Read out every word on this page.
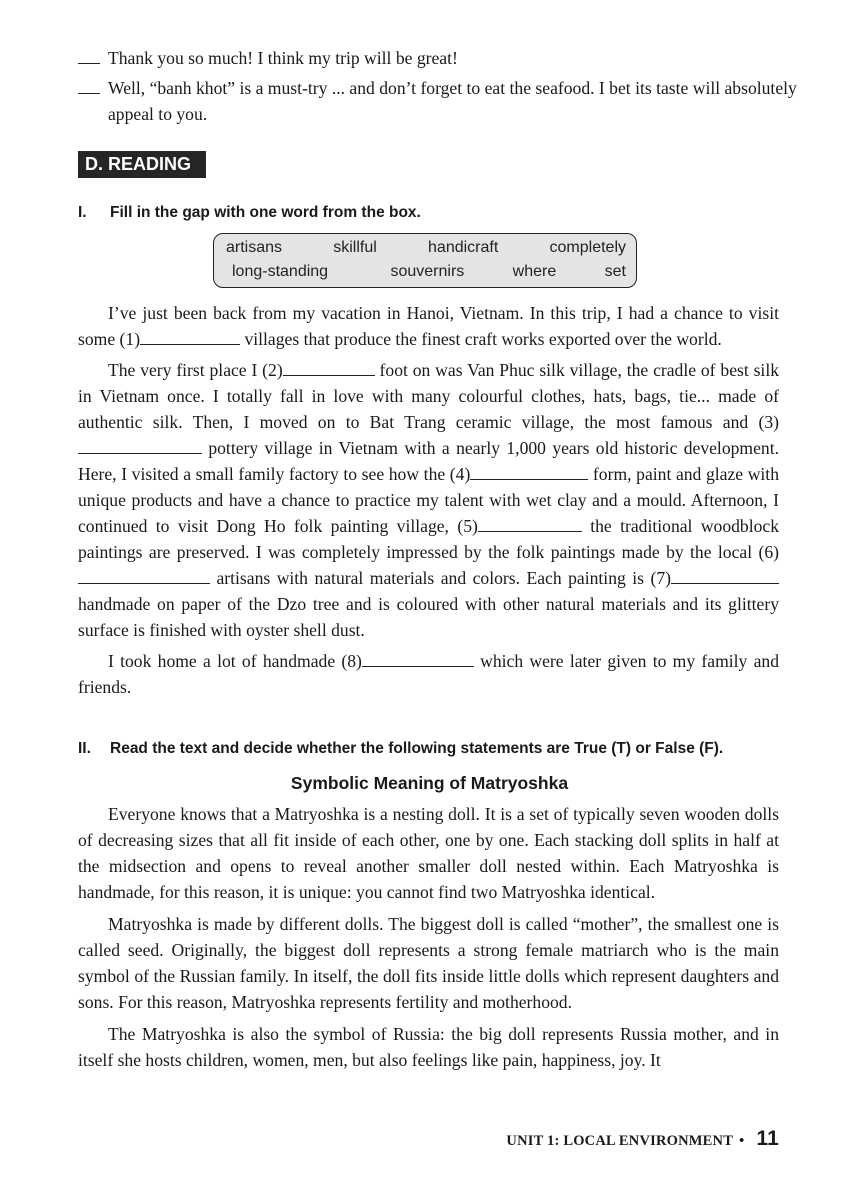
Thank you so much! I think my trip will be great!
Well, “banh khot” is a must-try ... and don’t forget to eat the seafood. I bet its taste will absolutely appeal to you.
D. READING
I. Fill in the gap with one word from the box.
artisans	skillful	handicraft	completely
long-standing	souvernirs	where	set

I’ve just been back from my vacation in Hanoi, Vietnam. In this trip, I had a chance to visit some (1)	villages that produce the finest craft works exported over the world.

The very first place I (2)	foot on was Van Phuc silk village, the cradle of best silk in Vietnam once. I totally fall in love with many colourful clothes, hats, bags, tie... made of authentic silk. Then, I moved on to Bat Trang ceramic village, the most famous and (3) pottery village in Vietnam with a nearly 1,000 years old historic development. Here, I visited a small family factory to see how the (4)	form, paint and glaze with unique products and have a chance to practice my talent with wet clay and a mould. Afternoon, I continued to visit Dong Ho folk painting village, (5)	the traditional woodblock paintings are preserved. I was completely impressed by the folk paintings made by the local (6) artisans with natural materials and colors. Each painting is (7) handmade on paper of the Dzo tree and is coloured with other natural materials and its glittery surface is finished with oyster shell dust.

I took home a lot of handmade (8)	which were later given to my family and friends.

II. Read the text and decide whether the following statements are True (T) or False (F).
Symbolic Meaning of Matryoshka

Everyone knows that a Matryoshka is a nesting doll. It is a set of typically seven wooden dolls of decreasing sizes that all fit inside of each other, one by one. Each stacking doll splits in half at the midsection and opens to reveal another smaller doll nested within. Each Matryoshka is handmade, for this reason, it is unique: you cannot find two Matryoshka identical.

Matryoshka is made by different dolls. The biggest doll is called “mother”, the smallest one is called seed. Originally, the biggest doll represents a strong female matriarch who is the main symbol of the Russian family. In itself, the doll fits inside little dolls which represent daughters and sons. For this reason, Matryoshka represents fertility and motherhood.

The Matryoshka is also the symbol of Russia: the big doll represents Russia mother, and in itself she hosts children, women, men, but also feelings like pain, happiness, joy. It

UNIT 1: LOCAL ENVIRONMENT • 11
